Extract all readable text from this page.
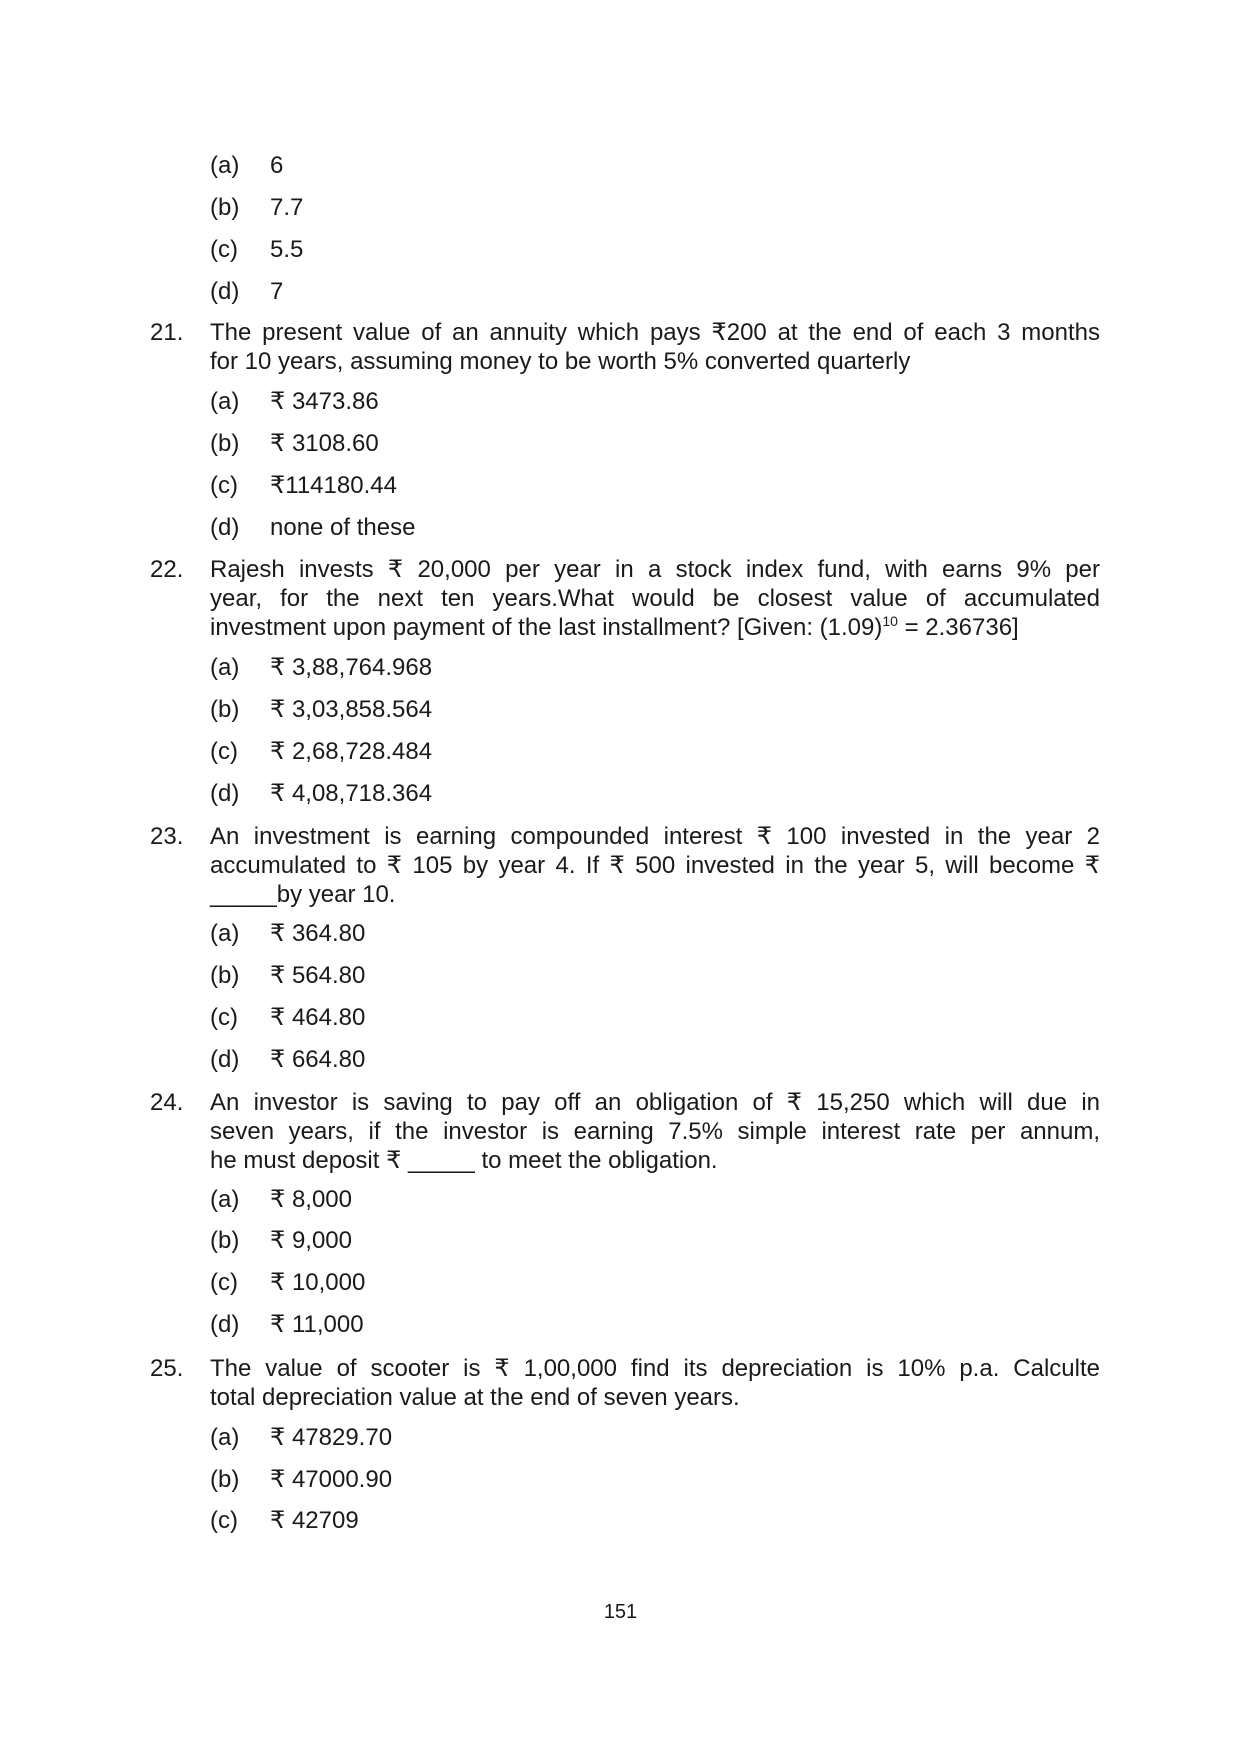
(a) 6
(b) 7.7
(c) 5.5
(d) 7
21.	The present value of an annuity which pays ₹200 at the end of each 3 months
for 10 years, assuming money to be worth 5% converted quarterly
(a) ₹ 3473.86
(b) ₹ 3108.60
(c) ₹114180.44
(d) none of these
22.	Rajesh invests ₹ 20,000 per year in a stock index fund, with earns 9% per
year, for the next ten years.What would be closest value of accumulated
investment upon payment of the last installment? [Given: $(1.09)^{10} = 2.36736$]
(a) ₹ 3,88,764.968
(b) ₹ 3,03,858.564
(c) ₹ 2,68,728.484
(d) ₹ 4,08,718.364
23.	An investment is earning compounded interest ₹ 100 invested in the year 2
accumulated to ₹ 105 by year 4. If ₹ 500 invested in the year 5, will become ₹
_____by year 10.
(a) ₹ 364.80
(b) ₹ 564.80
(c) ₹ 464.80
(d) ₹ 664.80
24.	An investor is saving to pay off an obligation of ₹ 15,250 which will due in
seven years, if the investor is earning 7.5% simple interest rate per annum,
he must deposit ₹ _____ to meet the obligation.
(a) ₹ 8,000
(b) ₹ 9,000
(c) ₹ 10,000
(d) ₹ 11,000
25.	The value of scooter is ₹ 1,00,000 find its depreciation is 10% p.a. Calculte
total depreciation value at the end of seven years.
(a) ₹ 47829.70
(b) ₹ 47000.90
(c) ₹ 42709
151
